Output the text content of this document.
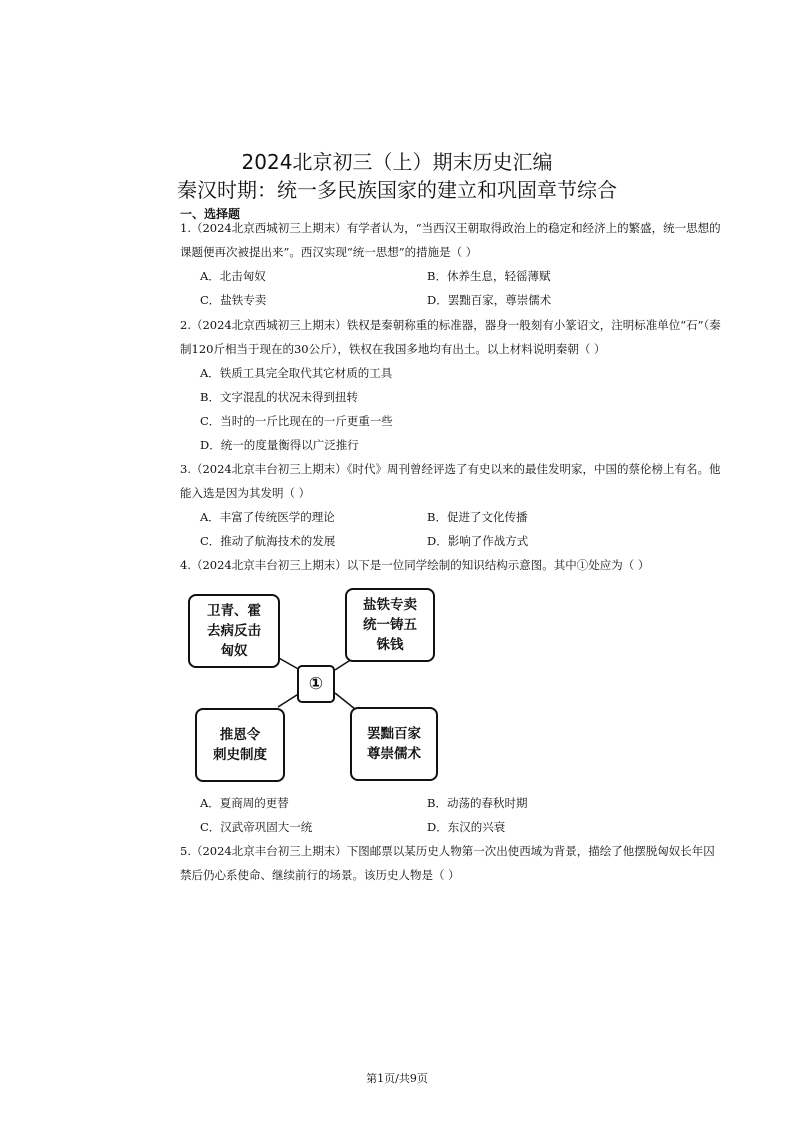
2024北京初三（上）期末历史汇编
秦汉时期：统一多民族国家的建立和巩固章节综合
一、选择题
1.（2024北京西城初三上期末）有学者认为，“当西汉王朝取得政治上的稳定和经济上的繁盛，统一思想的
课题便再次被提出来”。西汉实现“统一思想”的措施是（ ）
A．北击匈奴	B．休养生息，轻徭薄赋
C．盐铁专卖	D．罢黜百家，尊崇儒术
2.（2024北京西城初三上期末）铁权是秦朝称重的标准器，器身一般刻有小篆诏文，注明标准单位“石”（秦
制120斤相当于现在的30公斤），铁权在我国多地均有出土。以上材料说明秦朝（ ）
A．铁质工具完全取代其它材质的工具
B．文字混乱的状况未得到扭转
C．当时的一斤比现在的一斤更重一些
D．统一的度量衡得以广泛推行
3.（2024北京丰台初三上期末）《时代》周刊曾经评选了有史以来的最佳发明家，中国的蔡伦榜上有名。他
能入选是因为其发明（ ）
A．丰富了传统医学的理论	B．促进了文化传播
C．推动了航海技术的发展	D．影响了作战方式
4.（2024北京丰台初三上期末）以下是一位同学绘制的知识结构示意图。其中①处应为（ ）
卫青、霍
去病反击
匈奴
盐铁专卖
统一铸五
铢钱
①
推恩令
刺史制度
罢黜百家
尊崇儒术
A．夏商周的更替	B．动荡的春秋时期
C．汉武帝巩固大一统	D．东汉的兴衰
5.（2024北京丰台初三上期末）下图邮票以某历史人物第一次出使西域为背景，描绘了他摆脱匈奴长年囚
禁后仍心系使命、继续前行的场景。该历史人物是（ ）
第1页/共9页
